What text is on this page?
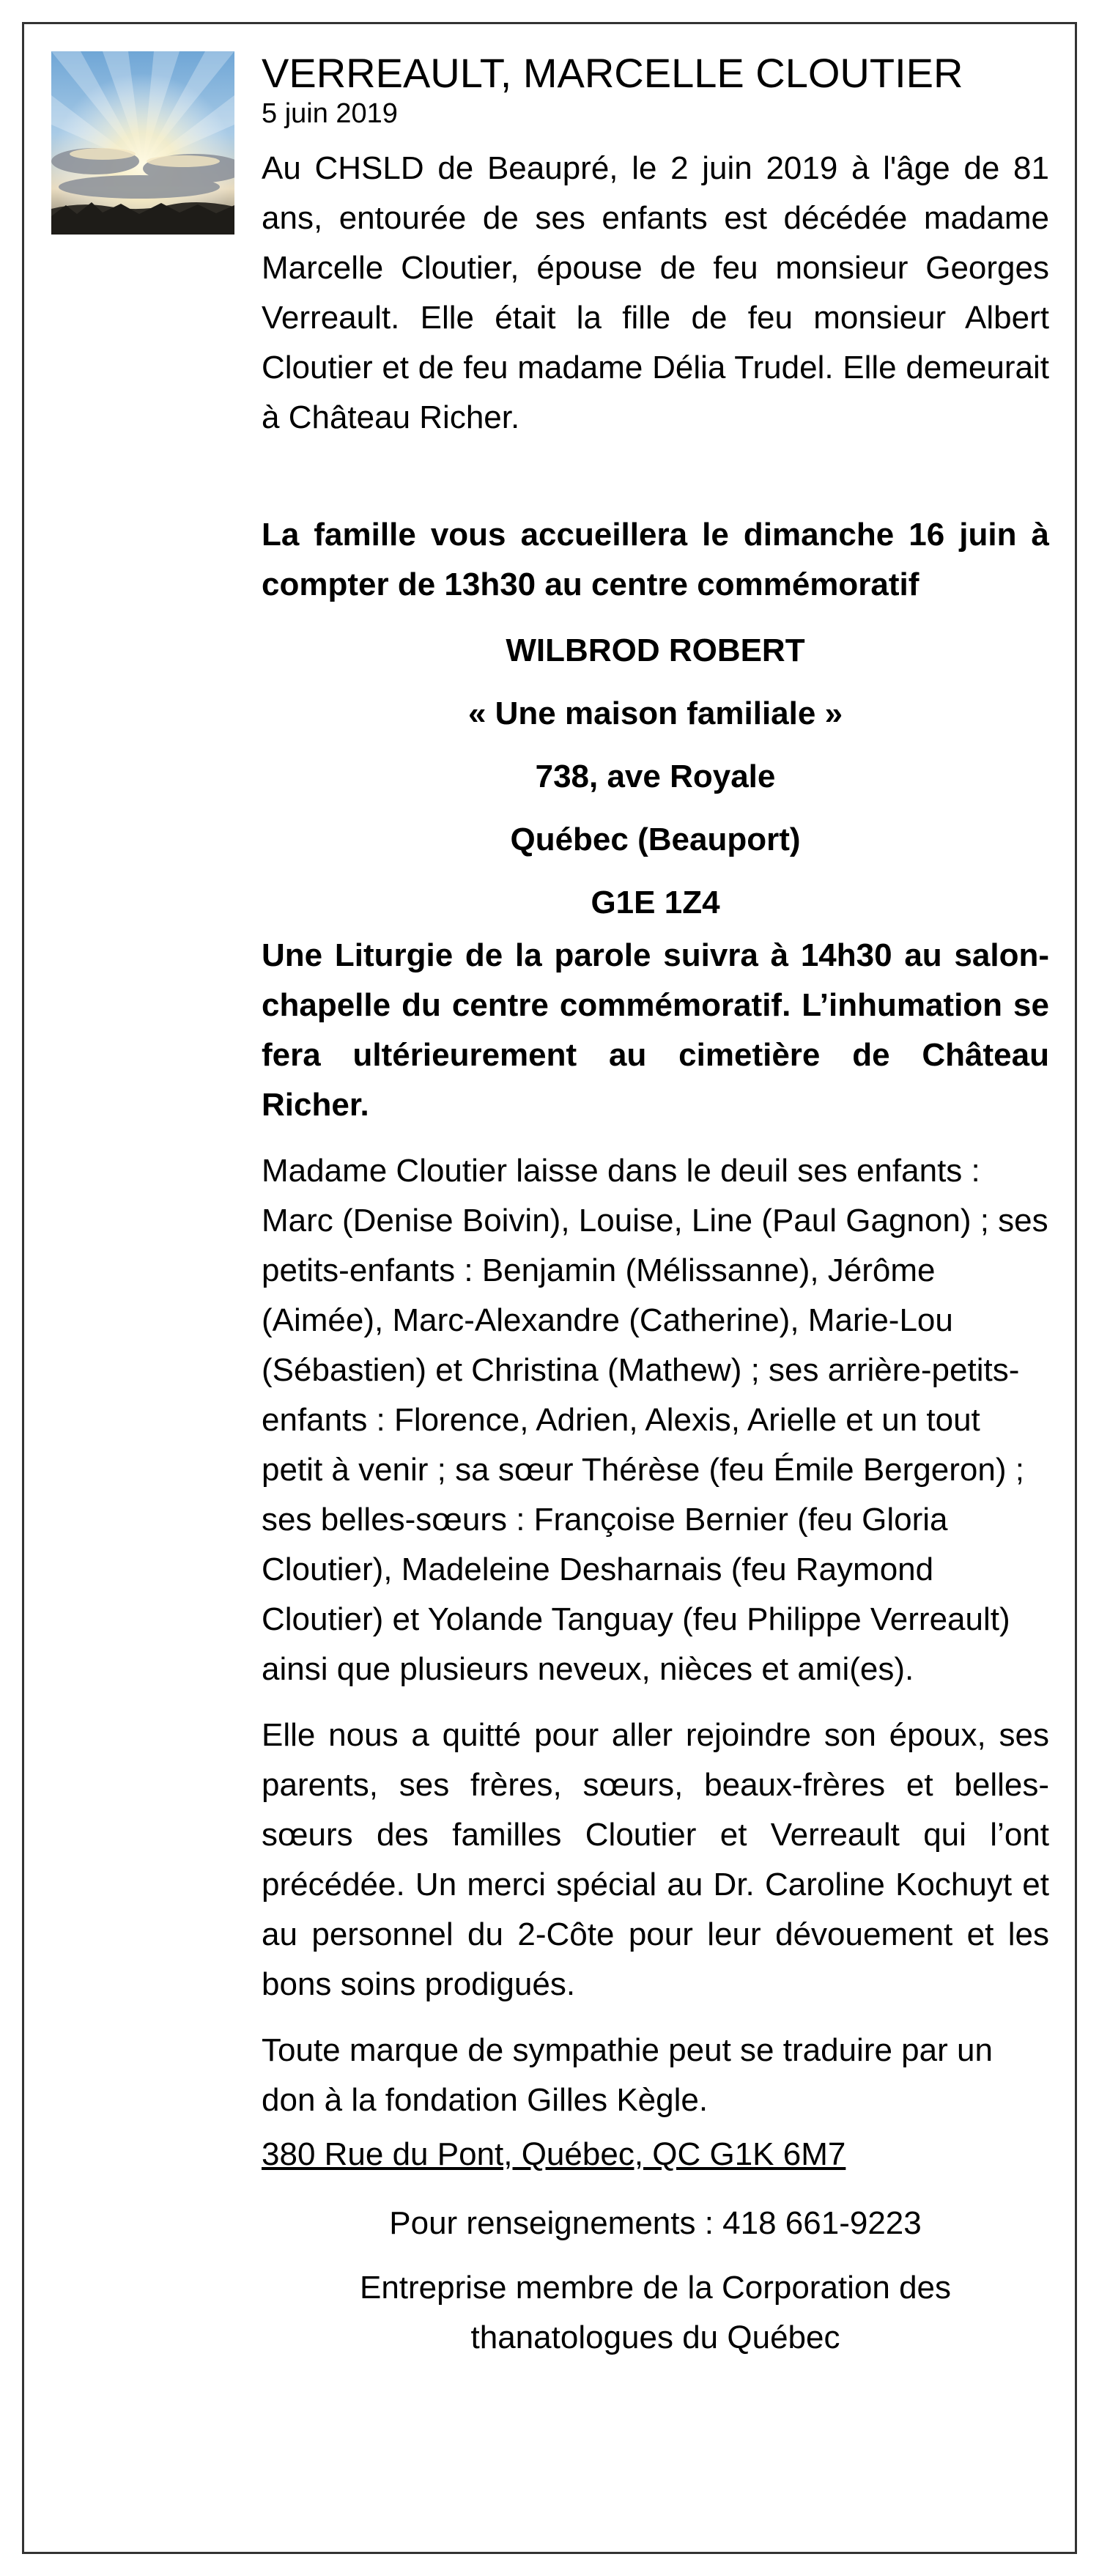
VERREAULT, MARCELLE CLOUTIER

5 juin 2019

Au CHSLD de Beaupré, le 2 juin 2019 à l'âge de 81 ans, entourée de ses enfants est décédée madame Marcelle Cloutier, épouse de feu monsieur Georges Verreault. Elle était la fille de feu monsieur Albert Cloutier et de feu madame Délia Trudel. Elle demeurait à Château Richer.

La famille vous accueillera le dimanche 16 juin à compter de 13h30 au centre commémoratif

WILBROD ROBERT

« Une maison familiale »

738, ave Royale

Québec (Beauport)

G1E 1Z4

Une Liturgie de la parole suivra à 14h30 au salon-chapelle du centre commémoratif. L’inhumation se fera ultérieurement au cimetière de Château Richer.

Madame Cloutier laisse dans le deuil ses enfants : Marc (Denise Boivin), Louise, Line (Paul Gagnon) ; ses petits-enfants : Benjamin (Mélissanne), Jérôme (Aimée), Marc-Alexandre (Catherine), Marie-Lou (Sébastien) et Christina (Mathew) ; ses arrière-petits-enfants : Florence, Adrien, Alexis, Arielle et un tout petit à venir ; sa sœur Thérèse (feu Émile Bergeron) ; ses belles-sœurs : Françoise Bernier (feu Gloria Cloutier), Madeleine Desharnais (feu Raymond Cloutier) et Yolande Tanguay (feu Philippe Verreault) ainsi que plusieurs neveux, nièces et ami(es).

Elle nous a quitté pour aller rejoindre son époux, ses parents, ses frères, sœurs, beaux-frères et belles-sœurs des familles Cloutier et Verreault qui l’ont précédée. Un merci spécial au Dr. Caroline Kochuyt et au personnel du 2-Côte pour leur dévouement et les bons soins prodigués.

Toute marque de sympathie peut se traduire par un don à la fondation Gilles Kègle.

380 Rue du Pont, Québec, QC G1K 6M7

Pour renseignements : 418 661-9223

Entreprise membre de la Corporation des thanatologues du Québec
